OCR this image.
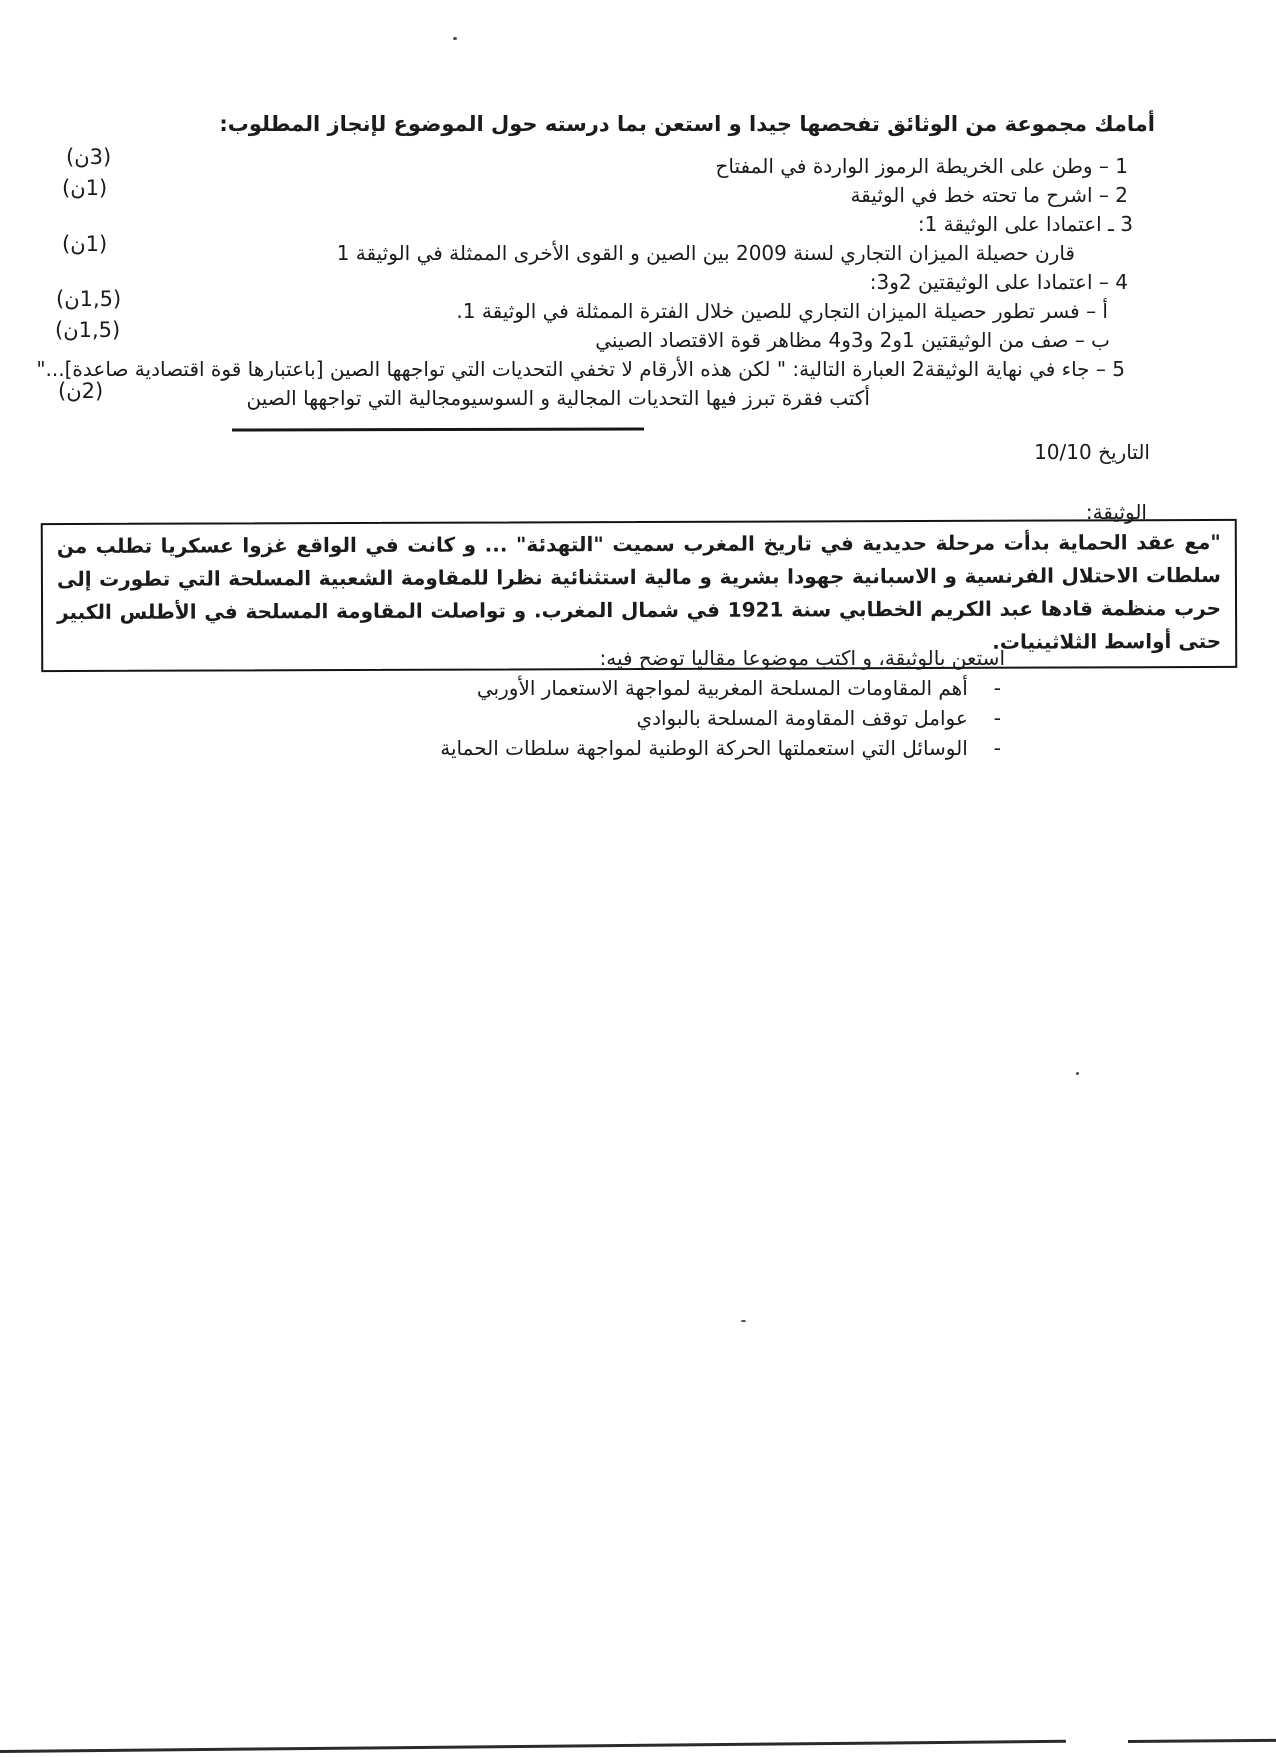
أمامك مجموعة من الوثائق تفحصها جيدا و استعن بما درسته حول الموضوع لإنجاز المطلوب:
1 – وطن على الخريطة الرموز الواردة في المفتاح
2 – اشرح ما تحته خط في الوثيقة
3 ـ اعتمادا على الوثيقة 1:
قارن حصيلة الميزان التجاري لسنة 2009 بين الصين و القوى الأخرى الممثلة في الوثيقة 1
4 – اعتمادا على الوثيقتين 2و3:
أ – فسر تطور حصيلة الميزان التجاري للصين خلال الفترة الممثلة في الوثيقة 1.
ب – صف من الوثيقتين 1و2 و3و4 مظاهر قوة الاقتصاد الصيني
5 – جاء في نهاية الوثيقة2 العبارة التالية: " لكن هذه الأرقام لا تخفي التحديات التي تواجهها الصين [باعتبارها قوة اقتصادية صاعدة]..."
أكتب فقرة تبرز فيها التحديات المجالية و السوسيومجالية التي تواجهها الصين
(3ن)
(1ن)
(1ن)
(1,5ن)
(1,5ن)
(2ن)
التاريخ 10/10
الوثيقة:
"مع عقد الحماية بدأت مرحلة حديدية في تاريخ المغرب سميت "التهدئة" ... و كانت في الواقع غزوا عسكريا تطلب من سلطات الاحتلال الفرنسية و الاسبانية جهودا بشرية و مالية استثنائية نظرا للمقاومة الشعبية المسلحة التي تطورت إلى حرب منظمة قادها عبد الكريم الخطابي سنة 1921 في شمال المغرب. و تواصلت المقاومة المسلحة في الأطلس الكبير حتى أواسط الثلاثينيات.
استعن بالوثيقة، و اكتب موضوعا مقاليا توضح فيه:
-
أهم المقاومات المسلحة المغربية لمواجهة الاستعمار الأوربي
-
عوامل توقف المقاومة المسلحة بالبوادي
-
الوسائل التي استعملتها الحركة الوطنية لمواجهة سلطات الحماية
